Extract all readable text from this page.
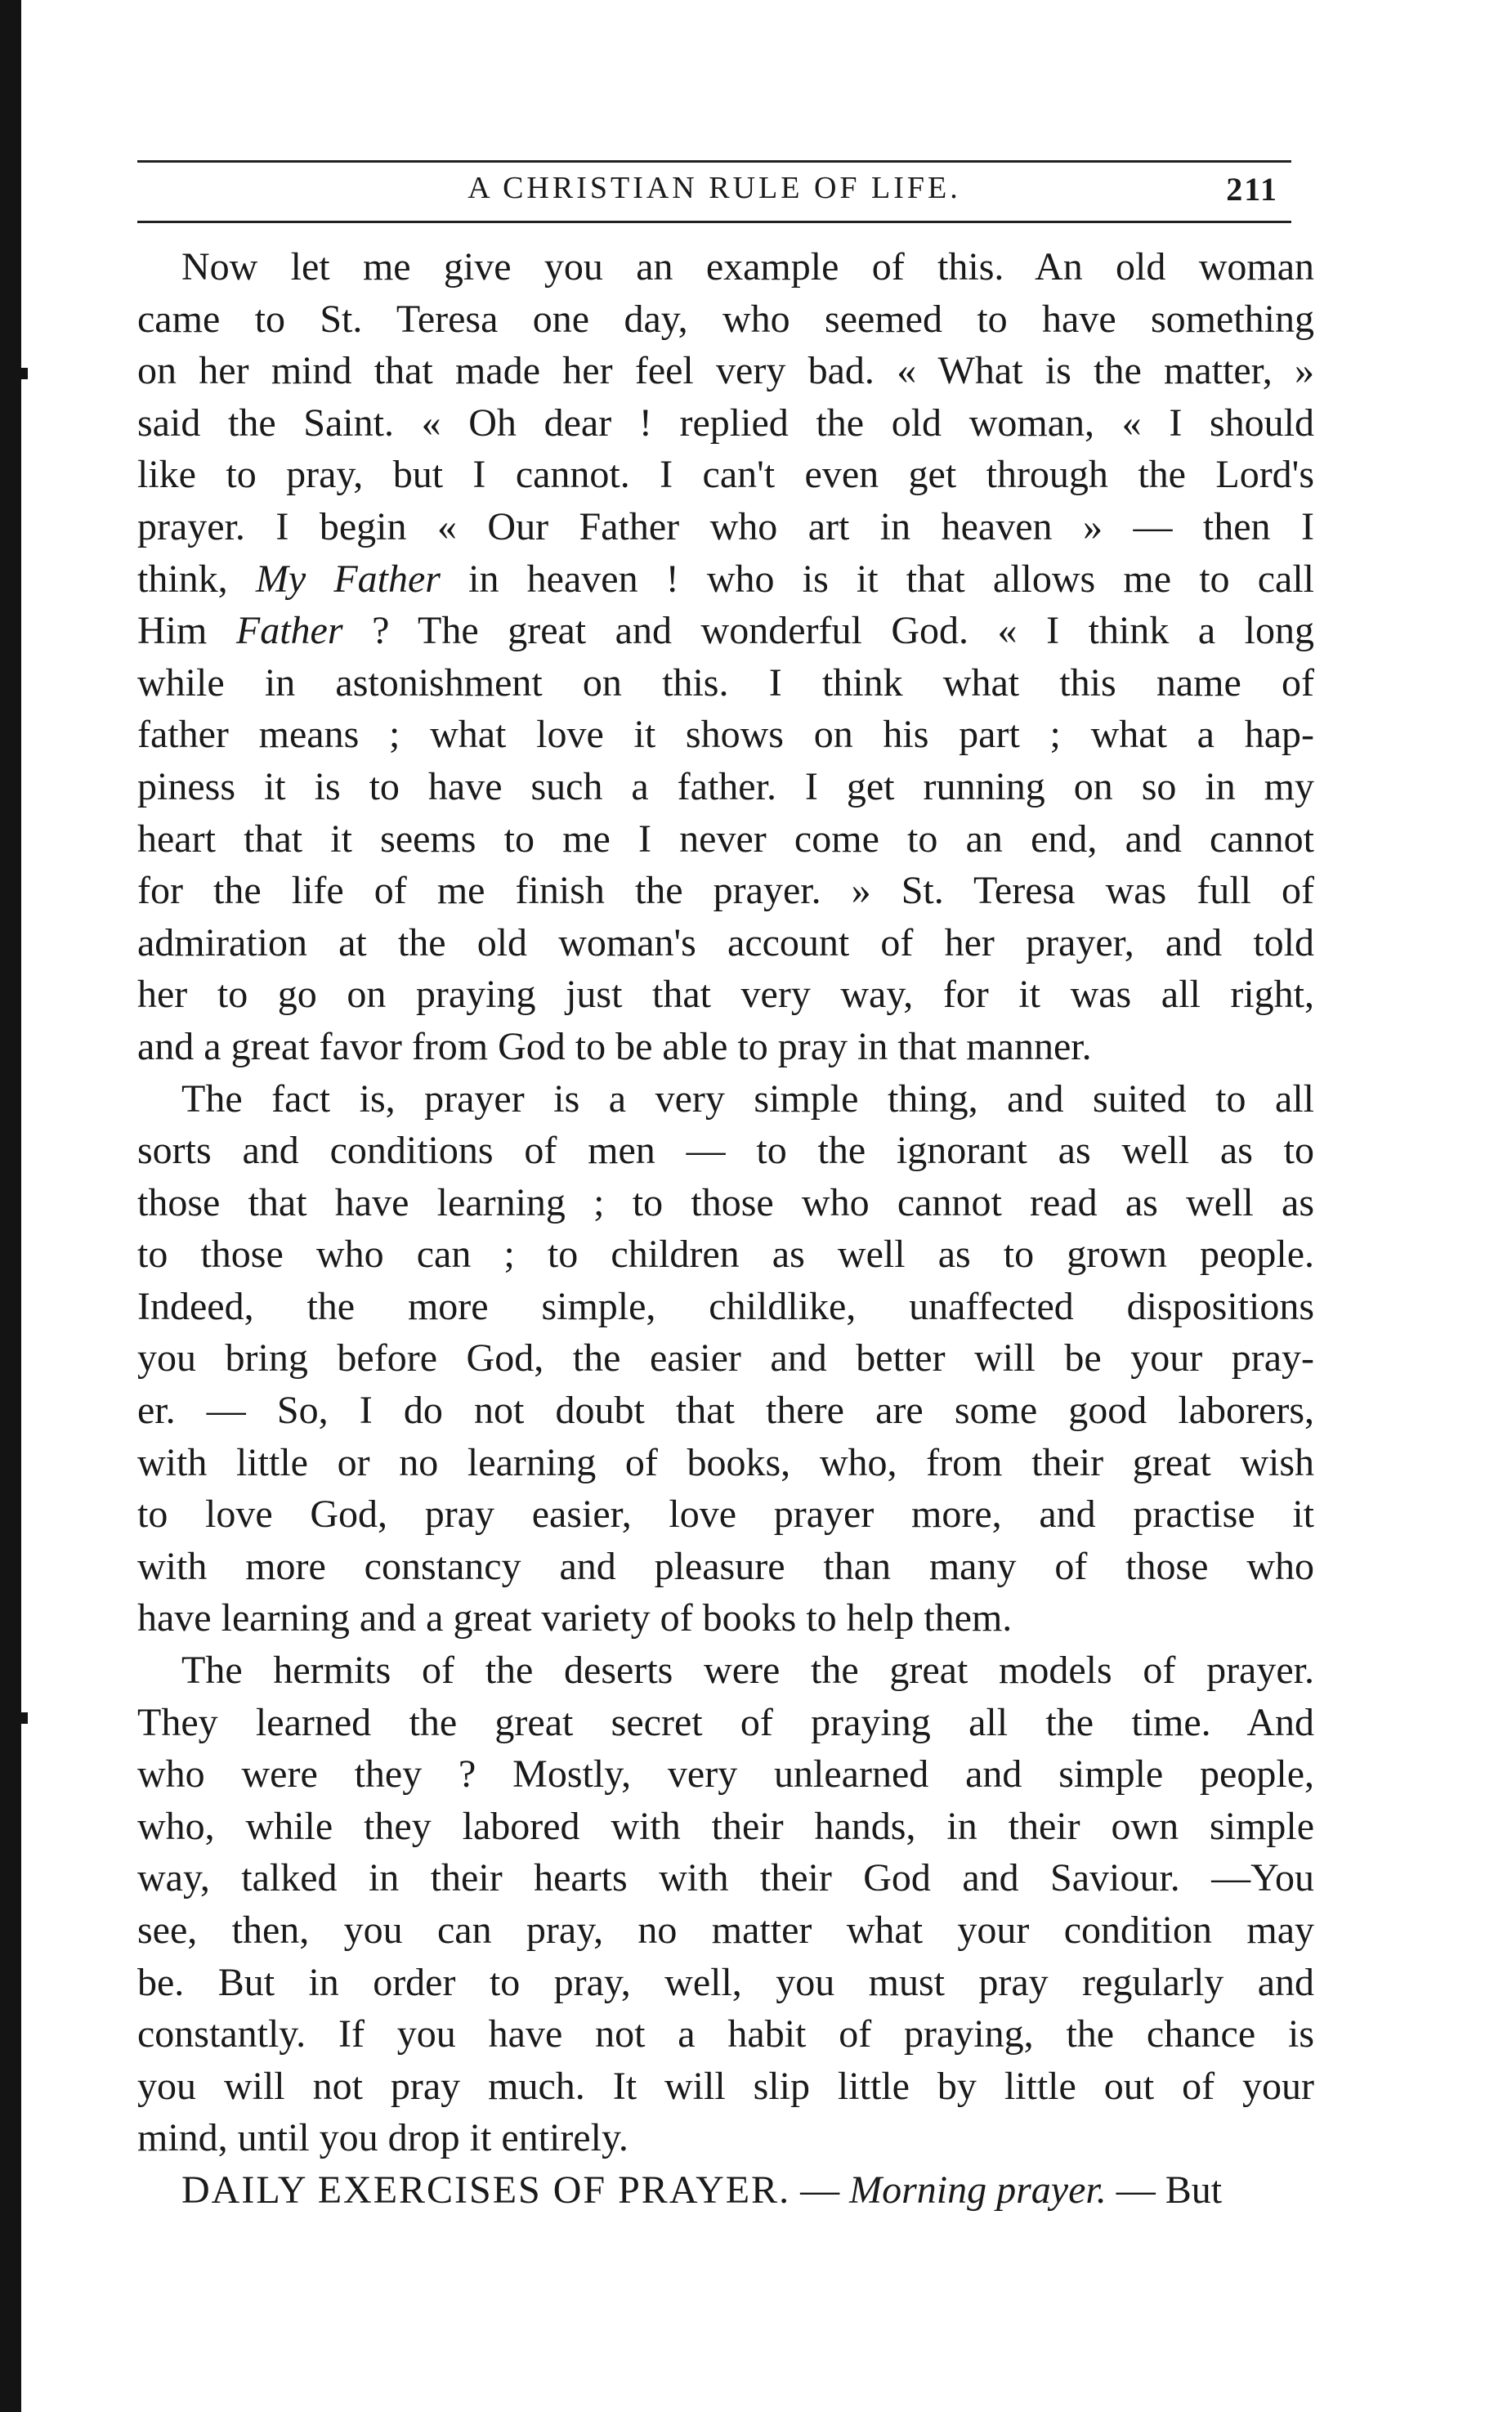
A CHRISTIAN RULE OF LIFE.	211
Now let me give you an example of this. An old woman
came to St. Teresa one day, who seemed to have something
on her mind that made her feel very bad. « What is the matter, »
said the Saint. « Oh dear ! replied the old woman, « I should
like to pray, but I cannot. I can't even get through the Lord's
prayer. I begin « Our Father who art in heaven » — then I
think, My Father in heaven ! who is it that allows me to call
Him Father ? The great and wonderful God. « I think a long
while in astonishment on this. I think what this name of
father means ; what love it shows on his part ; what a hap-
piness it is to have such a father. I get running on so in my
heart that it seems to me I never come to an end, and cannot
for the life of me finish the prayer. » St. Teresa was full of
admiration at the old woman's account of her prayer, and told
her to go on praying just that very way, for it was all right,
and a great favor from God to be able to pray in that manner.
The fact is, prayer is a very simple thing, and suited to all
sorts and conditions of men — to the ignorant as well as to
those that have learning ; to those who cannot read as well as
to those who can ; to children as well as to grown people.
Indeed, the more simple, childlike, unaffected dispositions
you bring before God, the easier and better will be your pray-
er. — So, I do not doubt that there are some good laborers,
with little or no learning of books, who, from their great wish
to love God, pray easier, love prayer more, and practise it
with more constancy and pleasure than many of those who
have learning and a great variety of books to help them.
The hermits of the deserts were the great models of prayer.
They learned the great secret of praying all the time. And
who were they ? Mostly, very unlearned and simple people,
who, while they labored with their hands, in their own simple
way, talked in their hearts with their God and Saviour. —You
see, then, you can pray, no matter what your condition may
be. But in order to pray, well, you must pray regularly and
constantly. If you have not a habit of praying, the chance is
you will not pray much. It will slip little by little out of your
mind, until you drop it entirely.
DAILY EXERCISES OF PRAYER. — Morning prayer. — But
